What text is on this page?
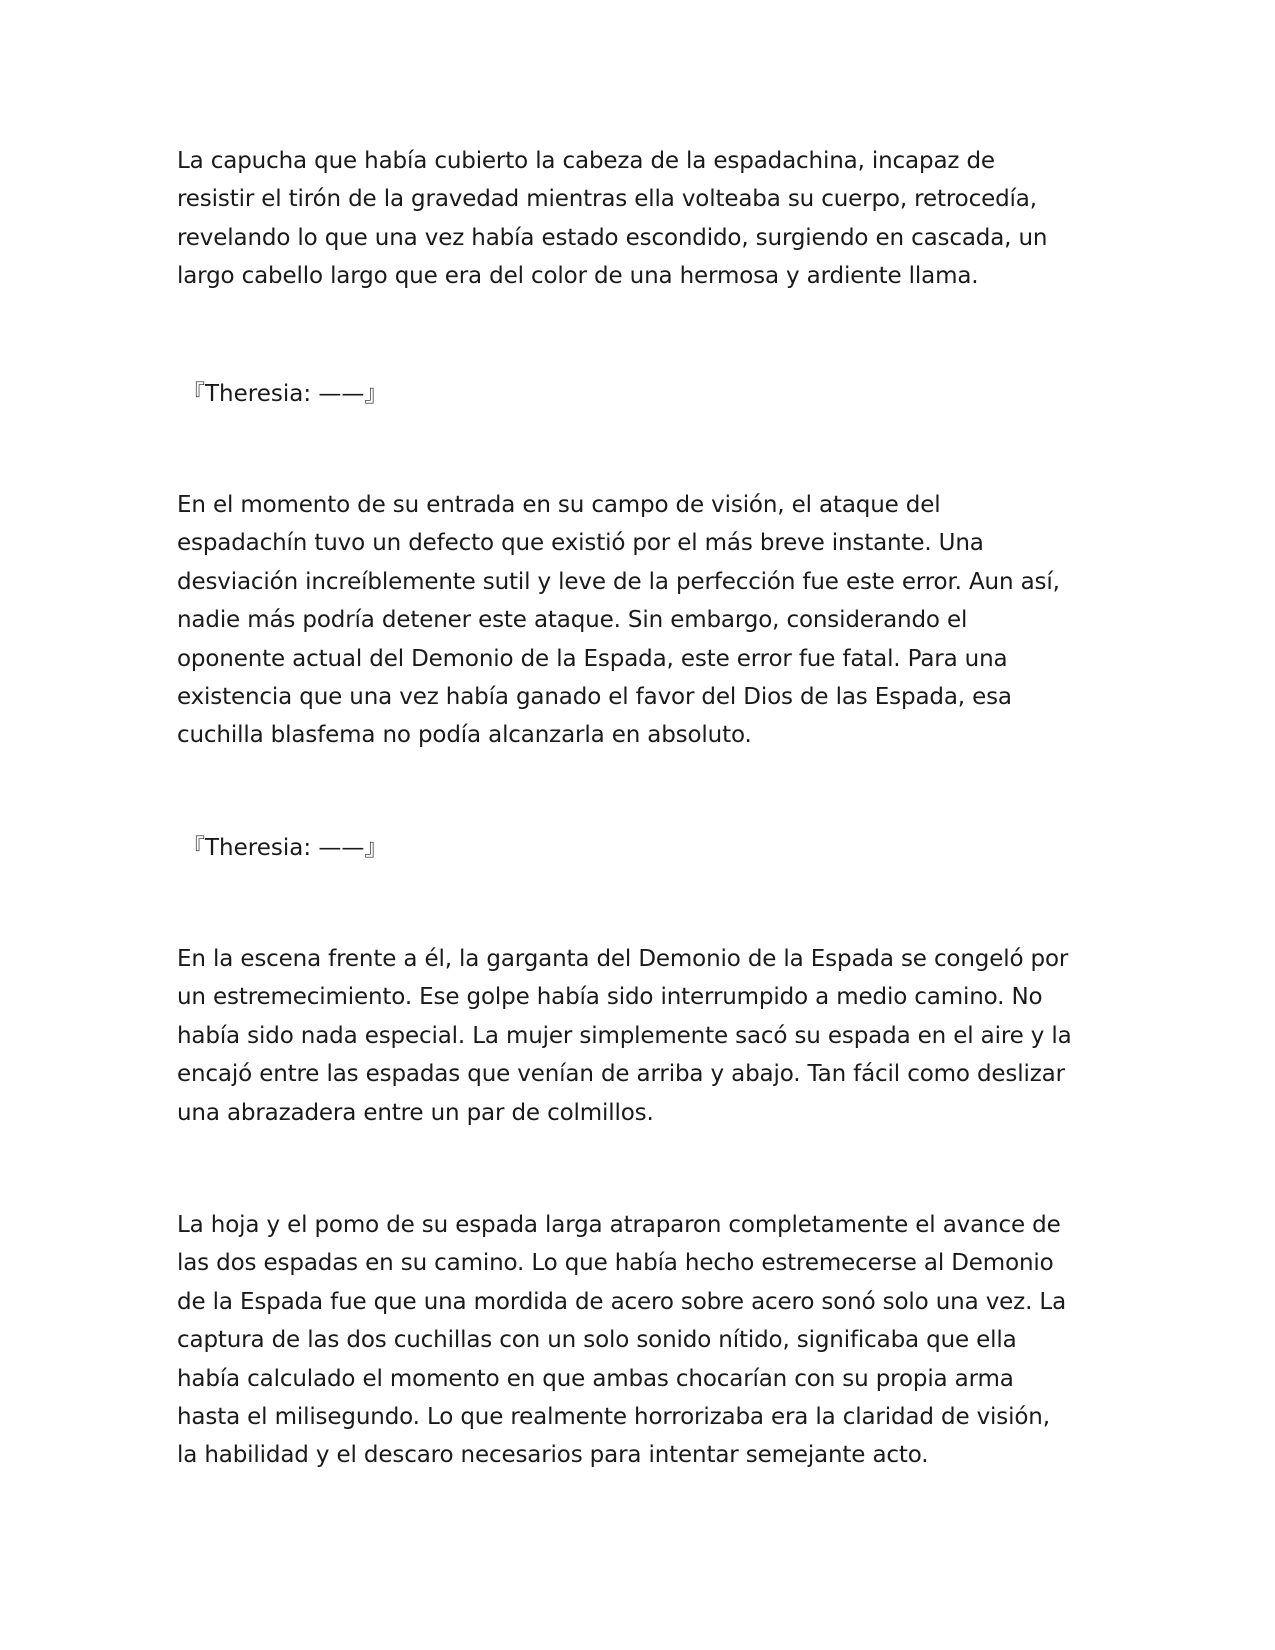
La capucha que había cubierto la cabeza de la espadachina, incapaz de
resistir el tirón de la gravedad mientras ella volteaba su cuerpo, retrocedía,
revelando lo que una vez había estado escondido, surgiendo en cascada, un
largo cabello largo que era del color de una hermosa y ardiente llama.

『Theresia: ——』

En el momento de su entrada en su campo de visión, el ataque del
espadachín tuvo un defecto que existió por el más breve instante. Una
desviación increíblemente sutil y leve de la perfección fue este error. Aun así,
nadie más podría detener este ataque. Sin embargo, considerando el
oponente actual del Demonio de la Espada, este error fue fatal. Para una
existencia que una vez había ganado el favor del Dios de las Espada, esa
cuchilla blasfema no podía alcanzarla en absoluto.

『Theresia: ——』

En la escena frente a él, la garganta del Demonio de la Espada se congeló por
un estremecimiento. Ese golpe había sido interrumpido a medio camino. No
había sido nada especial. La mujer simplemente sacó su espada en el aire y la
encajó entre las espadas que venían de arriba y abajo. Tan fácil como deslizar
una abrazadera entre un par de colmillos.

La hoja y el pomo de su espada larga atraparon completamente el avance de
las dos espadas en su camino. Lo que había hecho estremecerse al Demonio
de la Espada fue que una mordida de acero sobre acero sonó solo una vez. La
captura de las dos cuchillas con un solo sonido nítido, significaba que ella
había calculado el momento en que ambas chocarían con su propia arma
hasta el milisegundo. Lo que realmente horrorizaba era la claridad de visión,
la habilidad y el descaro necesarios para intentar semejante acto.
